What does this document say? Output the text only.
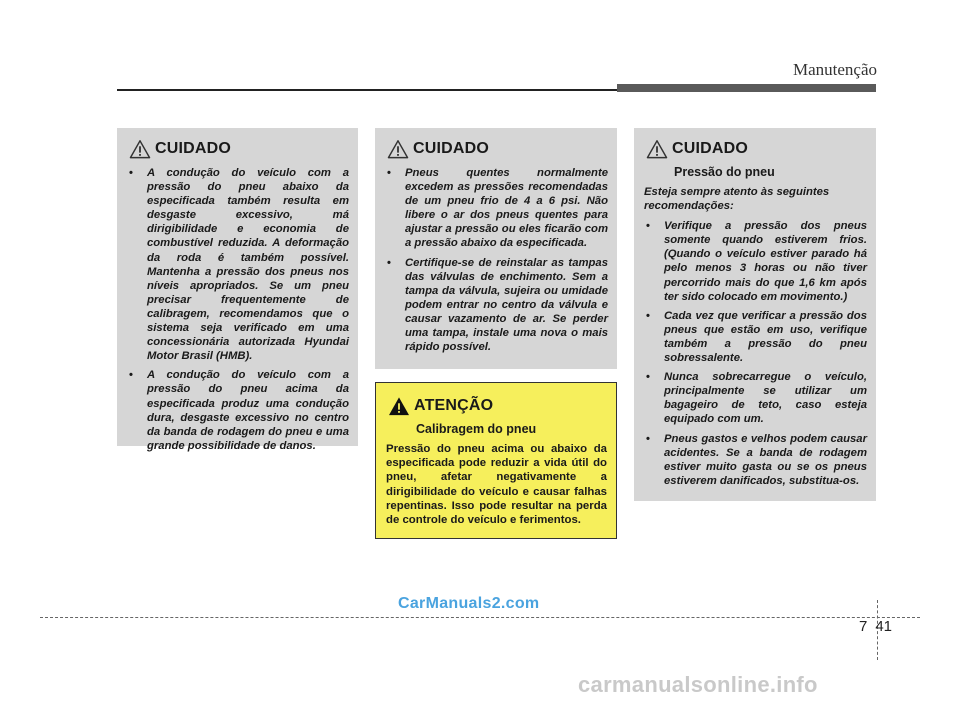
Manutenção
CUIDADO
• A condução do veículo com a pressão do pneu abaixo da especificada também resulta em desgaste excessivo, má dirigibilidade e economia de combustível reduzida. A deformação da roda é também possível. Mantenha a pressão dos pneus nos níveis apropriados. Se um pneu precisar frequentemente de calibragem, recomendamos que o sistema seja verificado em uma concessionária autorizada Hyundai Motor Brasil (HMB).
• A condução do veículo com a pressão do pneu acima da especificada produz uma condução dura, desgaste excessivo no centro da banda de rodagem do pneu e uma grande possibilidade de danos.
CUIDADO
• Pneus quentes normalmente excedem as pressões recomendadas de um pneu frio de 4 a 6 psi. Não libere o ar dos pneus quentes para ajustar a pressão ou eles ficarão com a pressão abaixo da especificada.
• Certifique-se de reinstalar as tampas das válvulas de enchimento. Sem a tampa da válvula, sujeira ou umidade podem entrar no centro da válvula e causar vazamento de ar. Se perder uma tampa, instale uma nova o mais rápido possível.
ATENÇÃO
Calibragem do pneu

Pressão do pneu acima ou abaixo da especificada pode reduzir a vida útil do pneu, afetar negativamente a dirigibilidade do veículo e causar falhas repentinas. Isso pode resultar na perda de controle do veículo e ferimentos.

CUIDADO
Pressão do pneu

Esteja sempre atento às seguintes recomendações:

• Verifique a pressão dos pneus somente quando estiverem frios. (Quando o veículo estiver parado há pelo menos 3 horas ou não tiver percorrido mais do que 1,6 km após ter sido colocado em movimento.)
• Cada vez que verificar a pressão dos pneus que estão em uso, verifique também a pressão do pneu sobressalente.
• Nunca sobrecarregue o veículo, principalmente se utilizar um bagageiro de teto, caso esteja equipado com um.
• Pneus gastos e velhos podem causar acidentes. Se a banda de rodagem estiver muito gasta ou se os pneus estiverem danificados, substitua-os.
7 41
CarManuals2.com
carmanualsonline.info
